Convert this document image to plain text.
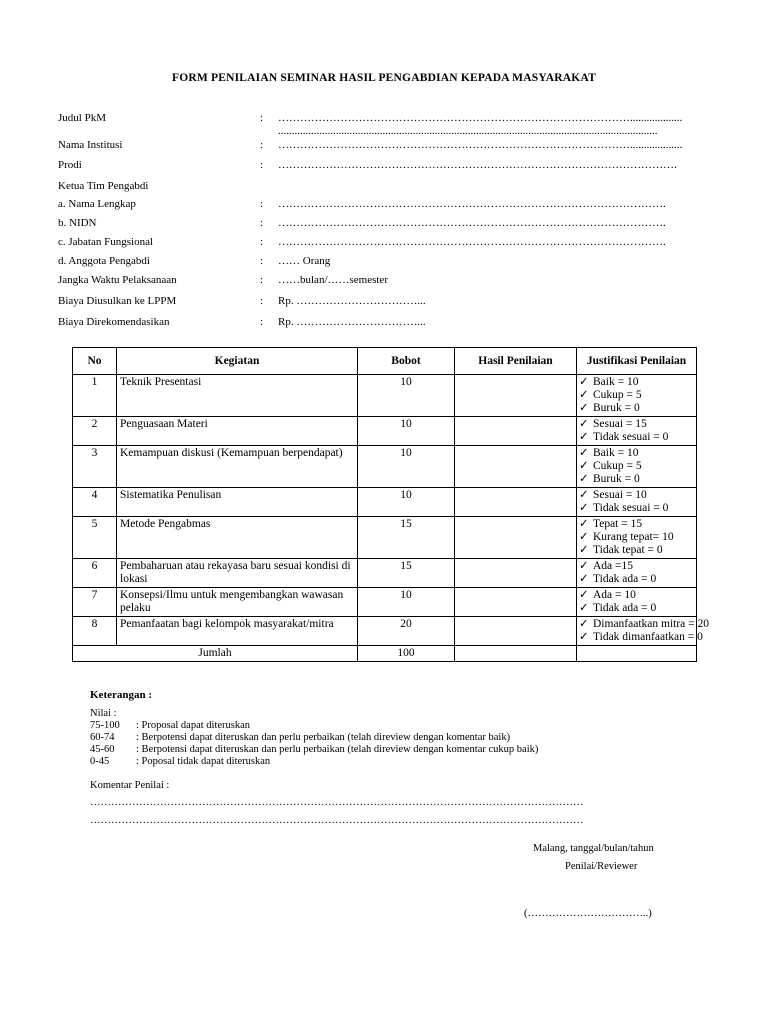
FORM PENILAIAN SEMINAR HASIL PENGABDIAN KEPADA MASYARAKAT
Judul PkM	: ……………………………………………………………………………………...................
..........................................................................................................................................
Nama Institusi	: ……………………………………………………………………………………...................
Prodi	: ……………………………………………………………………………………………….
Ketua Tim Pengabdi
a. Nama Lengkap	: …………………………………………………………………………………………….
b. NIDN	: …………………………………………………………………………………………….
c. Jabatan Fungsional	: …………………………………………………………………………………………….
d. Anggota Pengabdi	: …… Orang
Jangka Waktu Pelaksanaan	: ……bulan/……semester
Biaya Diusulkan ke LPPM	: Rp. ……………………………...
Biaya Direkomendasikan	: Rp. ……………………………...
No	Kegiatan	Bobot	Hasil Penilaian	Justifikasi Penilaian
1	Teknik Presentasi	10		✓ Baik = 10
✓ Cukup = 5
✓ Buruk = 0

2	Penguasaan Materi	10		✓ Sesuai = 15
✓ Tidak sesuai = 0

3	Kemampuan diskusi (Kemampuan berpendapat)	10		✓ Baik = 10
✓ Cukup = 5
✓ Buruk = 0

4	Sistematika Penulisan	10		✓ Sesuai = 10
✓ Tidak sesuai = 0

5	Metode Pengabmas	15		✓ Tepat = 15
✓ Kurang tepat= 10
✓ Tidak tepat = 0

6	Pembaharuan atau rekayasa baru sesuai kondisi di lokasi	15		✓ Ada =15
✓ Tidak ada = 0

7	Konsepsi/Ilmu untuk mengembangkan wawasan pelaku	10		✓ Ada = 10
✓ Tidak ada = 0

8	Pemanfaatan bagi kelompok masyarakat/mitra	20		✓ Dimanfaatkan mitra = 20
✓ Tidak dimanfaatkan = 0

Jumlah		100		
Keterangan :
Nilai :
75-100 : Proposal dapat diteruskan
60-74 : Berpotensi dapat diteruskan dan perlu perbaikan (telah direview dengan komentar baik)
45-60 : Berpotensi dapat diteruskan dan perlu perbaikan (telah direview dengan komentar cukup baik)
0-45	: Poposal tidak dapat diteruskan
Komentar Penilai :
……………………………………………………………………………………………………………………………
……………………………………………………………………………………………………………………………
Malang, tanggal/bulan/tahun
Penilai/Reviewer
(……………………………..)
